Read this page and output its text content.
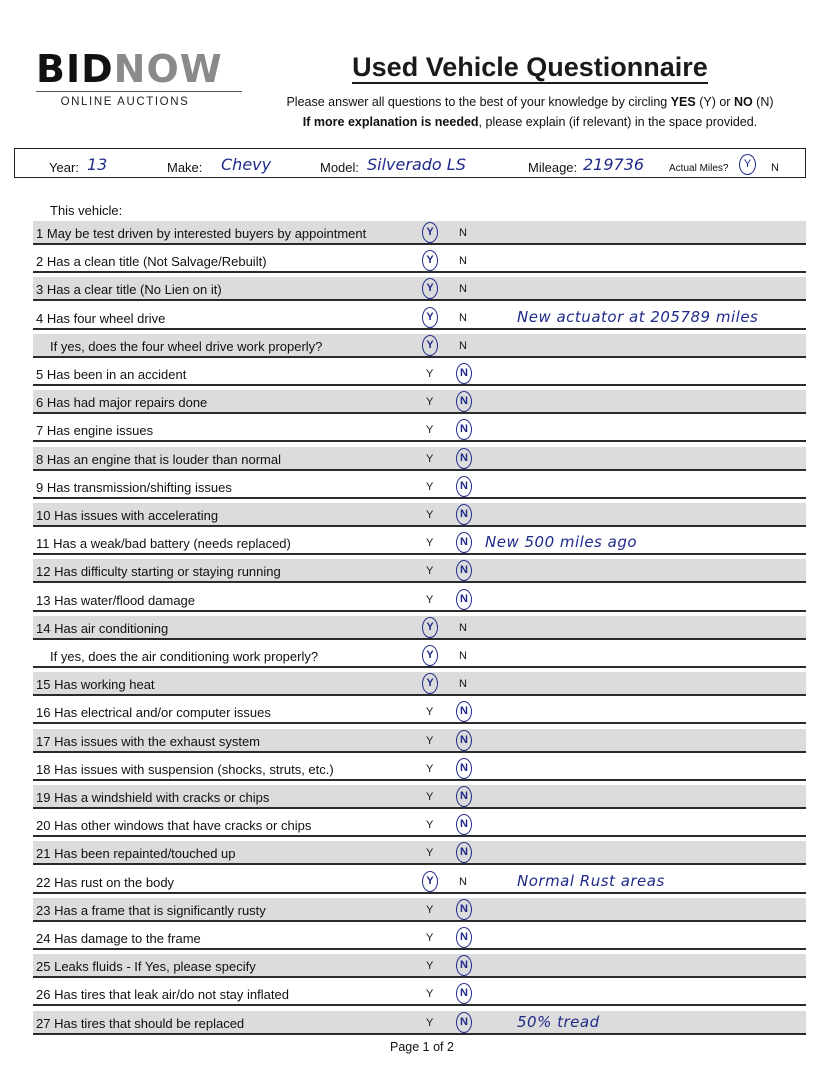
BIDNOW
ONLINE AUCTIONS
Used Vehicle Questionnaire
Please answer all questions to the best of your knowledge by circling YES (Y) or NO (N)
If more explanation is needed, please explain (if relevant) in the space provided.
Year: 13	Make: Chevy	Model: Silverado LS	Mileage: 219736 Actual Miles?	Y	N
This vehicle:
1 May be test driven by interested buyers by appointment	Y	N
2 Has a clean title (Not Salvage/Rebuilt)	Y	N
3 Has a clear title (No Lien on it)	Y	N
4 Has four wheel drive	Y	N	New actuator at 205789 miles
If yes, does the four wheel drive work properly?	Y	N
5 Has been in an accident	Y	N
6 Has had major repairs done	Y	N
7 Has engine issues	Y	N
8 Has an engine that is louder than normal	Y	N
9 Has transmission/shifting issues	Y	N
10 Has issues with accelerating	Y	N
11 Has a weak/bad battery (needs replaced)	Y	N New 500 miles ago
12 Has difficulty starting or staying running	Y	N
13 Has water/flood damage	Y	N
14 Has air conditioning	Y	N
If yes, does the air conditioning work properly?	Y	N
15 Has working heat	Y	N
16 Has electrical and/or computer issues	Y	N
17 Has issues with the exhaust system	Y	N
18 Has issues with suspension (shocks, struts, etc.)	Y	N
19 Has a windshield with cracks or chips	Y	N
20 Has other windows that have cracks or chips	Y	N
21 Has been repainted/touched up	Y	N
22 Has rust on the body	Y	N	Normal Rust areas
23 Has a frame that is significantly rusty	Y	N
24 Has damage to the frame	Y	N
25 Leaks fluids - If Yes, please specify	Y	N
26 Has tires that leak air/do not stay inflated	Y	N
27 Has tires that should be replaced	Y	N	50% tread
Page 1 of 2
